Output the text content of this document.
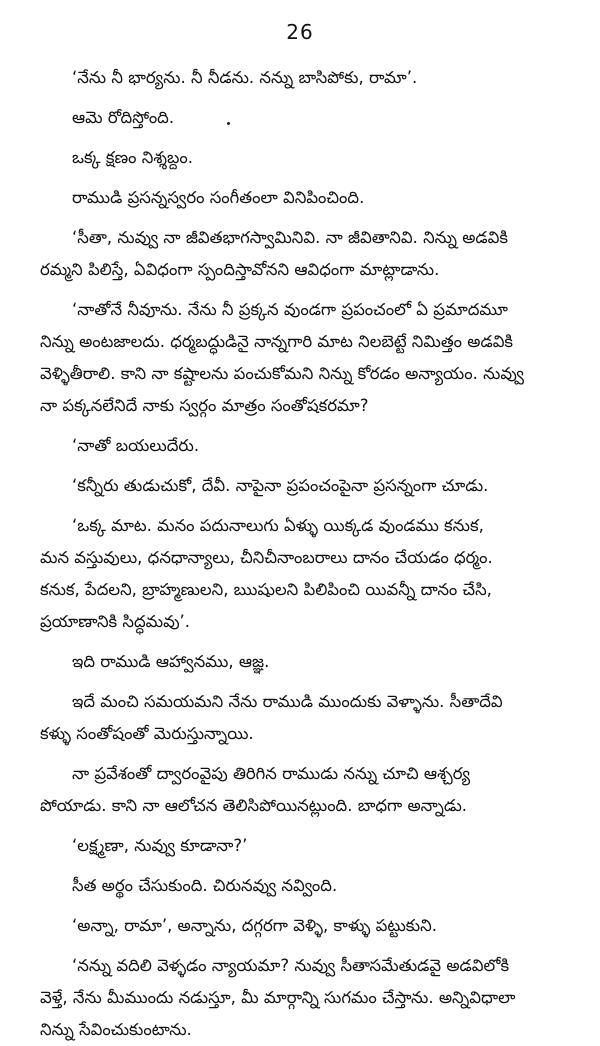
26

‘నేను నీ భార్యను. నీ నీడను. నన్ను బాసిపోకు, రామా’.

ఆమె రోదిస్తోంది.

ఒక్క క్షణం నిశ్శబ్దం.

రాముడి ప్రసన్నస్వరం సంగీతంలా వినిపించింది.

‘సీతా, నువ్వు నా జీవితభాగస్వామినివి. నా జీవితానివి. నిన్ను అడవికి
రమ్మని పిలిస్తే, ఏవిధంగా స్పందిస్తావోనని ఆవిధంగా మాట్లాడాను.

‘నాతోనే నీవూను. నేను నీ ప్రక్కన వుండగా ప్రపంచంలో ఏ ప్రమాదమూ
నిన్ను అంటజాలదు. ధర్మబద్ధుడినై నాన్నగారి మాట నిలబెట్టే నిమిత్తం అడవికి
వెళ్ళితీరాలి. కాని నా కష్టాలను పంచుకోమని నిన్ను కోరడం అన్యాయం. నువ్వు
నా పక్కనలేనిదే నాకు స్వర్గం మాత్రం సంతోషకరమా?

‘నాతో బయలుదేరు.

‘కన్నీరు తుడుచుకో, దేవీ. నాపైనా ప్రపంచంపైనా ప్రసన్నంగా చూడు.

‘ఒక్క మాట. మనం పదునాలుగు ఏళ్ళు యిక్కడ వుండము కనుక,
మన వస్తువులు, ధనధాన్యాలు, చీనిచీనాంబరాలు దానం చేయడం ధర్మం.
కనుక, పేదలని, బ్రాహ్మణులని, ఋషులని పిలిపించి యివన్నీ దానం చేసి,
ప్రయాణానికి సిద్ధమవు’.

ఇది రాముడి ఆహ్వానము, ఆజ్ఞ.

ఇదే మంచి సమయమని నేను రాముడి ముందుకు వెళ్ళాను. సీతాదేవి
కళ్ళు సంతోషంతో మెరుస్తున్నాయి.

నా ప్రవేశంతో ద్వారంవైపు తిరిగిన రాముడు నన్ను చూచి ఆశ్చర్య
పోయాడు. కాని నా ఆలోచన తెలిసిపోయినట్లుంది. బాధగా అన్నాడు.

‘లక్ష్మణా, నువ్వు కూడానా?’

సీత అర్థం చేసుకుంది. చిరునవ్వు నవ్వింది.

‘అన్నా, రామా’, అన్నాను, దగ్గరగా వెళ్ళి, కాళ్ళు పట్టుకుని.

‘నన్ను వదిలి వెళ్ళడం న్యాయమా? నువ్వు సీతాసమేతుడవై అడవిలోకి
వెళ్తే, నేను మీముందు నడుస్తూ, మీ మార్గాన్ని సుగమం చేస్తాను. అన్నివిధాలా
నిన్ను సేవించుకుంటాను.
